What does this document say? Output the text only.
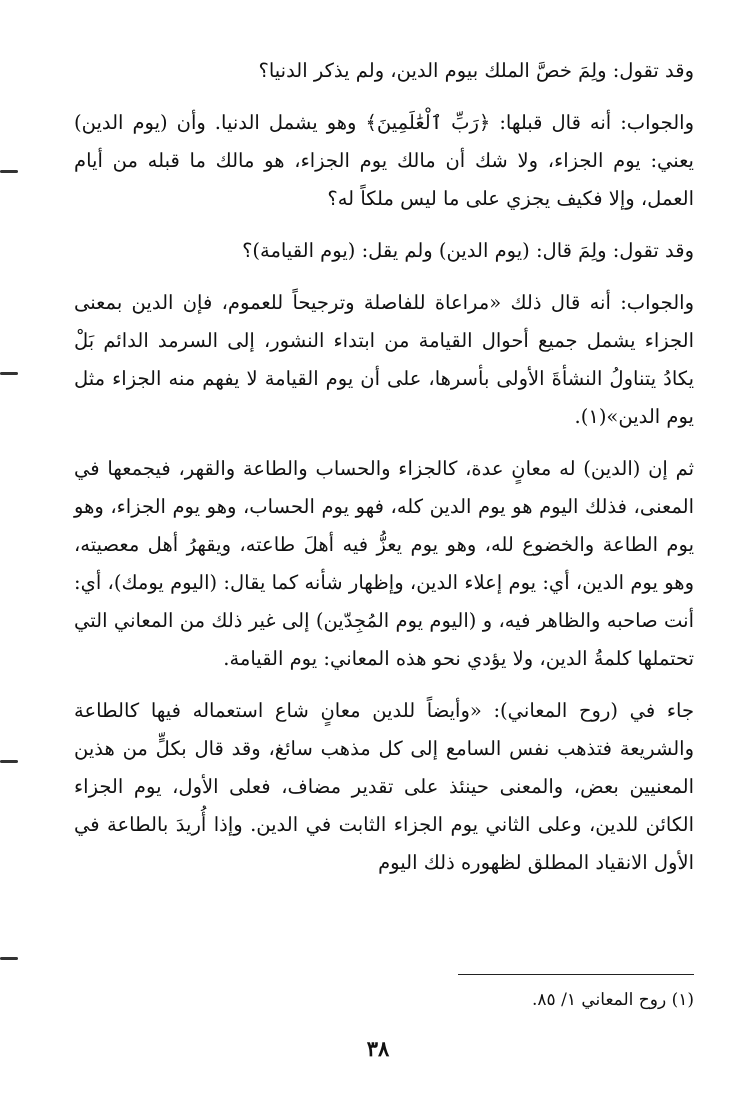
وقد تقول: ولِمَ خصَّ الملك بيوم الدين، ولم يذكر الدنيا؟

والجواب: أنه قال قبلها: ﴿رَبِّ ٱلْعَٰلَمِينَ﴾ وهو يشمل الدنيا. وأن (يوم الدين) يعني: يوم الجزاء، ولا شك أن مالك يوم الجزاء، هو مالك ما قبله من أيام العمل، وإلا فكيف يجزي على ما ليس ملكاً له؟

وقد تقول: ولِمَ قال: (يوم الدين) ولم يقل: (يوم القيامة)؟

والجواب: أنه قال ذلك «مراعاة للفاصلة وترجيحاً للعموم، فإن الدين بمعنى الجزاء يشمل جميع أحوال القيامة من ابتداء النشور، إلى السرمد الدائم بَلْ يكادُ يتناولُ النشأةَ الأولى بأسرها، على أن يوم القيامة لا يفهم منه الجزاء مثل يوم الدين»(١).

ثم إن (الدين) له معانٍ عدة، كالجزاء والحساب والطاعة والقهر، فيجمعها في المعنى، فذلك اليوم هو يوم الدين كله، فهو يوم الحساب، وهو يوم الجزاء، وهو يوم الطاعة والخضوع لله، وهو يوم يعزُّ فيه أهلَ طاعته، ويقهرُ أهل معصيته، وهو يوم الدين، أي: يوم إعلاء الدين، وإظهار شأنه كما يقال: (اليوم يومك)، أي: أنت صاحبه والظاهر فيه، و (اليوم يوم المُجِدّين) إلى غير ذلك من المعاني التي تحتملها كلمةُ الدين، ولا يؤدي نحو هذه المعاني: يوم القيامة.

جاء في (روح المعاني): «وأيضاً للدين معانٍ شاع استعماله فيها كالطاعة والشريعة فتذهب نفس السامع إلى كل مذهب سائغ، وقد قال بكلٍّ من هذين المعنيين بعض، والمعنى حينئذ على تقدير مضاف، فعلى الأول، يوم الجزاء الكائن للدين، وعلى الثاني يوم الجزاء الثابت في الدين. وإذا أُريدَ بالطاعة في الأول الانقياد المطلق لظهوره ذلك اليوم

(١) روح المعاني ١/ ٨٥.
٣٨
